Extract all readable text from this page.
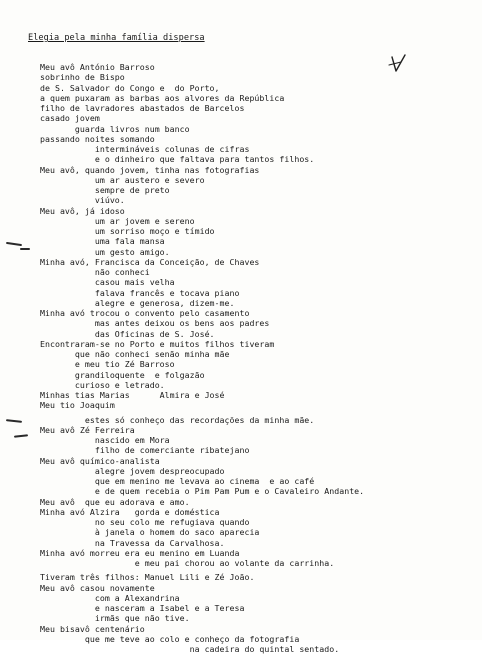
Elegia pela minha família dispersa
Meu avô António Barroso
sobrinho de Bispo
de S. Salvador do Congo e  do Porto,
a quem puxaram as barbas aos alvores da República
filho de lavradores abastados de Barcelos
casado jovem
guarda livros num banco
passando noites somando
intermináveis colunas de cifras
e o dinheiro que faltava para tantos filhos.
Meu avô, quando jovem, tinha nas fotografias
um ar austero e severo
sempre de preto
viúvo.
Meu avô, já idoso
um ar jovem e sereno
um sorriso moço e tímido
uma fala mansa
um gesto amigo.
Minha avó, Francisca da Conceição, de Chaves
não conheci
casou mais velha
falava francês e tocava piano
alegre e generosa, dizem-me.
Minha avó trocou o convento pelo casamento
mas antes deixou os bens aos padres
das Oficinas de S. José.
Encontraram-se no Porto e muitos filhos tiveram
que não conheci senão minha mãe
e meu tio Zé Barroso
grandiloquente  e folgazão
curioso e letrado.
Minhas tias Marias      Almira e José
Meu tio Joaquim
estes só conheço das recordações da minha mãe.
Meu avô Zé Ferreira
nascido em Mora
filho de comerciante ribatejano
Meu avô químico-analista
alegre jovem despreocupado
que em menino me levava ao cinema  e ao café
e de quem recebia o Pim Pam Pum e o Cavaleiro Andante.
Meu avô  que eu adorava e amo.
Minha avó Alzira   gorda e doméstica
no seu colo me refugiava quando
à janela o homem do saco aparecia
na Travessa da Carvalhosa.
Minha avó morreu era eu menino em Luanda
e meu pai chorou ao volante da carrinha.
Tiveram três filhos: Manuel Lili e Zé João.
Meu avô casou novamente
com a Alexandrina
e nasceram a Isabel e a Teresa
irmãs que não tive.
Meu bisavô centenário
que me teve ao colo e conheço da fotografia
na cadeira do quintal sentado.
